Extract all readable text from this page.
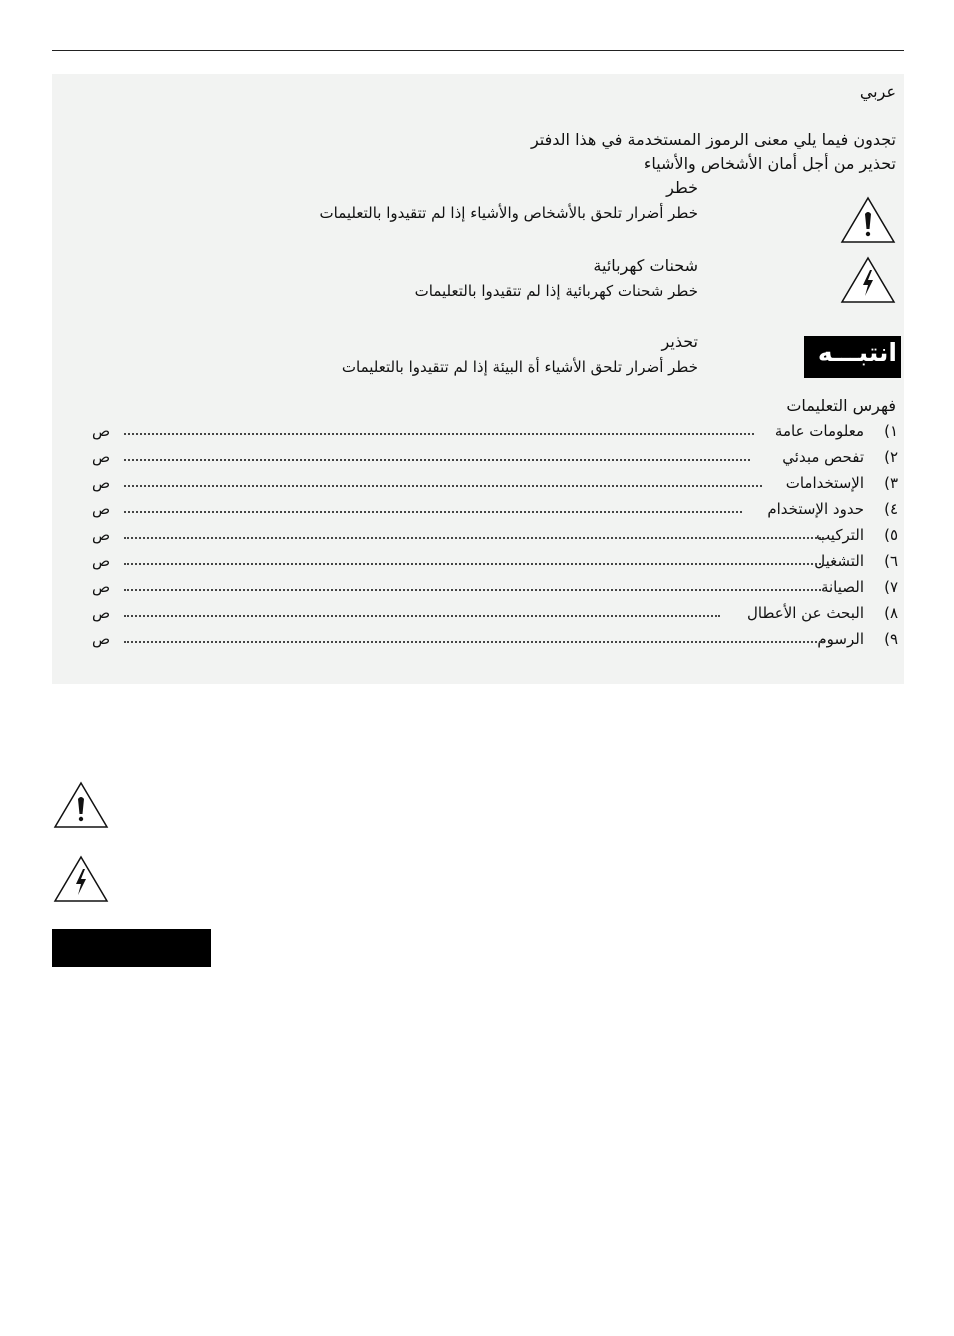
عربي
تجدون فيما يلي معنى الرموز المستخدمة في هذا الدفتر
تحذير من أجل أمان الأشخاص والأشياء
خطر
خطر أضرار تلحق بالأشخاص والأشياء إذا لم تتقيدوا بالتعليمات
شحنات كهربائية
خطر شحنات كهربائية إذا لم تتقيدوا بالتعليمات
انتبـــه
تحذير
خطر أضرار تلحق الأشياء أة البيئة إذا لم تتقيدوا بالتعليمات
فهرس التعليمات
١)
معلومات عامة
ص
٢)
تفحص مبدئي
ص
٣)
الإستخدامات
ص
٤)
حدود الإستخدام
ص
٥)
التركيب
ص
٦)
التشغيل
ص
٧)
الصيانة
ص
٨)
البحث عن الأعطال
ص
٩)
الرسوم
ص
